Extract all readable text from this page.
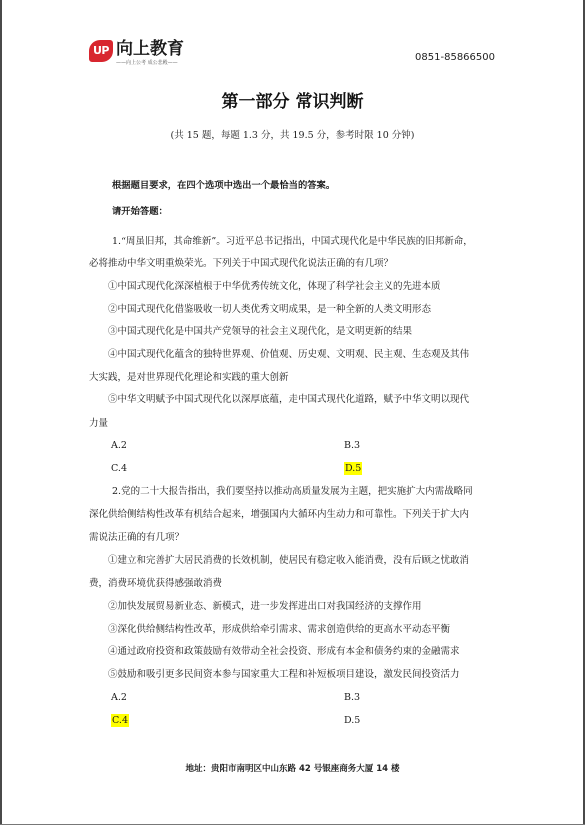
UP 向上教育
——向上公考 成公悲殿——	0851-85866500
第一部分 常识判断
(共 15 题，每题 1.3 分，共 19.5 分，参考时限 10 分钟)
根据题目要求，在四个选项中选出一个最恰当的答案。
请开始答题：
1.“周虽旧邦，其命维新”。习近平总书记指出，中国式现代化是中华民族的旧邦新命，
必将推动中华文明重焕荣光。下列关于中国式现代化说法正确的有几项？
①中国式现代化深深植根于中华优秀传统文化，体现了科学社会主义的先进本质
②中国式现代化借鉴吸收一切人类优秀文明成果，是一种全新的人类文明形态
③中国式现代化是中国共产党领导的社会主义现代化，是文明更新的结果
④中国式现代化蕴含的独特世界观、价值观、历史观、文明观、民主观、生态观及其伟
大实践，是对世界现代化理论和实践的重大创新
⑤中华文明赋予中国式现代化以深厚底蕴，走中国式现代化道路，赋予中华文明以现代
力量
A.2	B.3
C.4	D.5
2.党的二十大报告指出，我们要坚持以推动高质量发展为主题，把实施扩大内需战略同
深化供给侧结构性改革有机结合起来，增强国内大循环内生动力和可靠性。下列关于扩大内
需说法正确的有几项？
①建立和完善扩大居民消费的长效机制，使居民有稳定收入能消费，没有后顾之忧敢消
费，消费环境优获得感强敢消费
②加快发展贸易新业态、新模式，进一步发挥进出口对我国经济的支撑作用
③深化供给侧结构性改革，形成供给牵引需求、需求创造供给的更高水平动态平衡
④通过政府投资和政策鼓励有效带动全社会投资、形成有本金和债务约束的金融需求
⑤鼓励和吸引更多民间资本参与国家重大工程和补短板项目建设，激发民间投资活力
A.2	B.3
C.4	D.5
地址：贵阳市南明区中山东路 42 号银座商务大厦 14 楼
